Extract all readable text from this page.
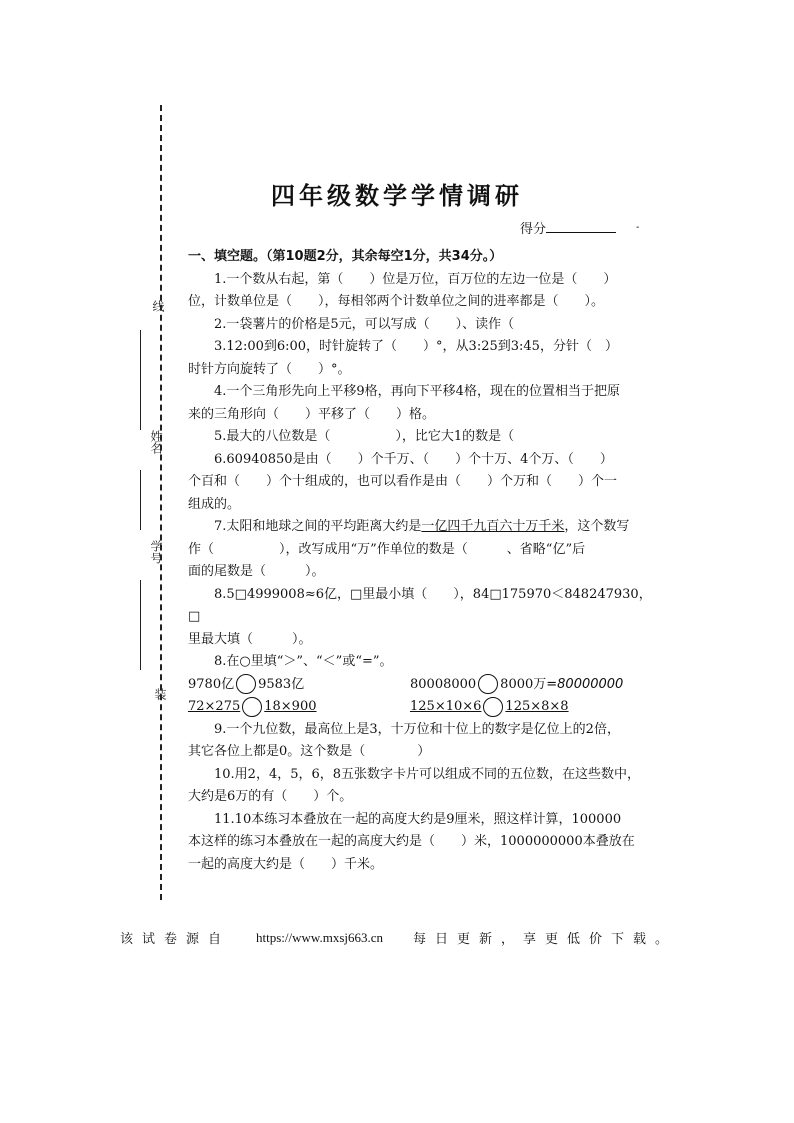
线
姓名
学号
装
四年级数学学情调研
得分	-

一、填空题。（第10题2分，其余每空1分，共34分。）

1.一个数从右起，第（　　）位是万位，百万位的左边一位是（　　）

位，计数单位是（　　），每相邻两个计数单位之间的进率都是（　　）。

2.一袋薯片的价格是5元，可以写成（　　）、读作（

3.12:00到6:00，时针旋转了（　　）°，从3:25到3:45，分针（　）

时针方向旋转了（　　）°。

4.一个三角形先向上平移9格，再向下平移4格，现在的位置相当于把原

来的三角形向（　　）平移了（　　）格。

5.最大的八位数是（　　　　　），比它大1的数是（

6.60940850是由（　　）个千万、（　　）个十万、4个万、（　　）

个百和（　　）个十组成的，也可以看作是由（　　）个万和（　　）个一

组成的。

7.太阳和地球之间的平均距离大约是一亿四千九百六十万千米，这个数写

作（　　　　　），改写成用“万”作单位的数是（　　　、省略“亿”后

面的尾数是（　　　）。

8.5□4999008≈6亿，□里最小填（　　），84□175970＜848247930，□

里最大填（　　　）。

8.在○里填“＞”、“＜”或“=”。

9780亿 9583亿	80008000 8000万=80000000
72×275 18×900	125×10×6 125×8×8

9.一个九位数，最高位上是3，十万位和十位上的数字是亿位上的2倍，

其它各位上都是0。这个数是（　　　　）

10.用2，4，5，6，8五张数字卡片可以组成不同的五位数，在这些数中，

大约是6万的有（　　）个。

11.10本练习本叠放在一起的高度大约是9厘米，照这样计算，100000

本这样的练习本叠放在一起的高度大约是（　　）米，1000000000本叠放在

一起的高度大约是（　　）千米。

该试卷源自 https://www.mxsj663.cn 每日更新，享更低价下载。
